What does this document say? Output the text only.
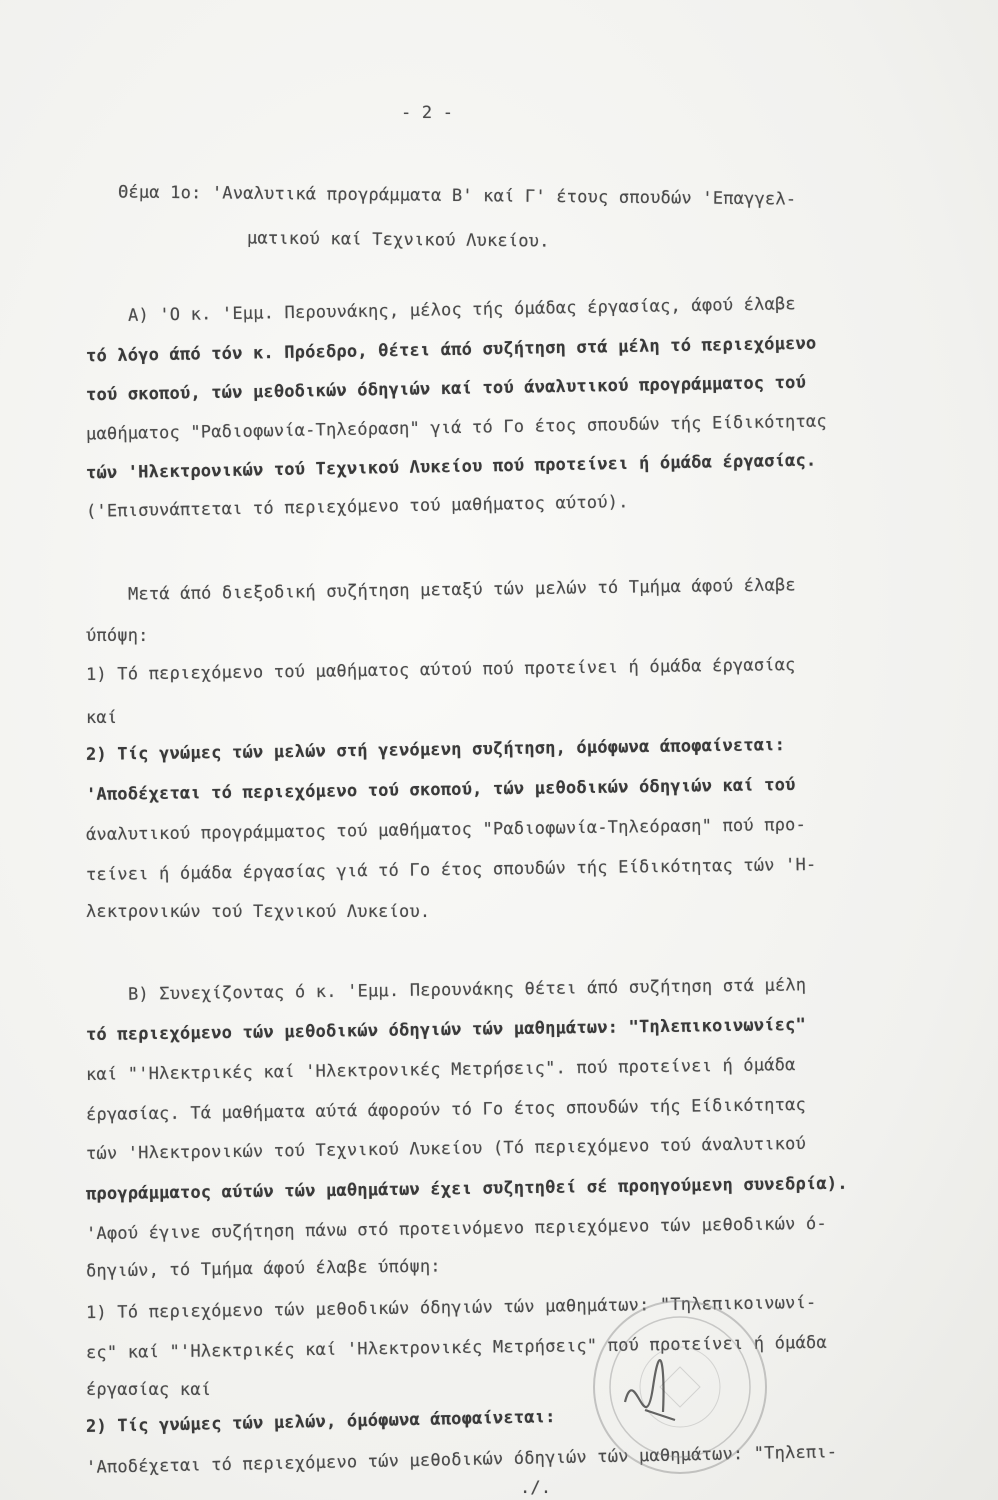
- 2 -
Θέμα 1ο: 'Αναλυτικά προγράμματα Β' καί Γ' έτους σπουδών 'Επαγγελ-
ματικού καί Τεχνικού Λυκείου.
Α) 'Ο κ. 'Εμμ. Περουνάκης, μέλος τής όμάδας έργασίας, άφού έλαβε
τό λόγο άπό τόν κ. Πρόεδρο, θέτει άπό συζήτηση στά μέλη τό περιεχόμενο
τού σκοπού, τών μεθοδικών όδηγιών καί τού άναλυτικού προγράμματος τού
μαθήματος "Ραδιοφωνία-Τηλεόραση" γιά τό Γο έτος σπουδών τής Είδικότητας
τών 'Ηλεκτρονικών τού Τεχνικού Λυκείου πού προτείνει ή όμάδα έργασίας.
('Επισυνάπτεται τό περιεχόμενο τού μαθήματος αύτού).
Μετά άπό διεξοδική συζήτηση μεταξύ τών μελών τό Τμήμα άφού έλαβε
ύπόψη:
1) Τό περιεχόμενο τού μαθήματος αύτού πού προτείνει ή όμάδα έργασίας
καί
2) Τίς γνώμες τών μελών στή γενόμενη συζήτηση, όμόφωνα άποφαίνεται:
'Αποδέχεται τό περιεχόμενο τού σκοπού, τών μεθοδικών όδηγιών καί τού
άναλυτικού προγράμματος τού μαθήματος "Ραδιοφωνία-Τηλεόραση" πού προ-
τείνει ή όμάδα έργασίας γιά τό Γο έτος σπουδών τής Είδικότητας τών 'Η-
λεκτρονικών τού Τεχνικού Λυκείου.
Β) Συνεχίζοντας ό κ. 'Εμμ. Περουνάκης θέτει άπό συζήτηση στά μέλη
τό περιεχόμενο τών μεθοδικών όδηγιών τών μαθημάτων: "Τηλεπικοινωνίες"
καί "'Ηλεκτρικές καί 'Ηλεκτρονικές Μετρήσεις". πού προτείνει ή όμάδα
έργασίας. Τά μαθήματα αύτά άφορούν τό Γο έτος σπουδών τής Είδικότητας
τών 'Ηλεκτρονικών τού Τεχνικού Λυκείου (Τό περιεχόμενο τού άναλυτικού
προγράμματος αύτών τών μαθημάτων έχει συζητηθεί σέ προηγούμενη συνεδρία).
'Αφού έγινε συζήτηση πάνω στό προτεινόμενο περιεχόμενο τών μεθοδικών ό-
δηγιών, τό Τμήμα άφού έλαβε ύπόψη:
1) Τό περιεχόμενο τών μεθοδικών όδηγιών τών μαθημάτων: "Τηλεπικοινωνί-
ες" καί "'Ηλεκτρικές καί 'Ηλεκτρονικές Μετρήσεις" πού προτείνει ή όμάδα
έργασίας καί
2) Τίς γνώμες τών μελών, όμόφωνα άποφαίνεται:
'Αποδέχεται τό περιεχόμενο τών μεθοδικών όδηγιών τών μαθημάτων: "Τηλεπι-
./.
